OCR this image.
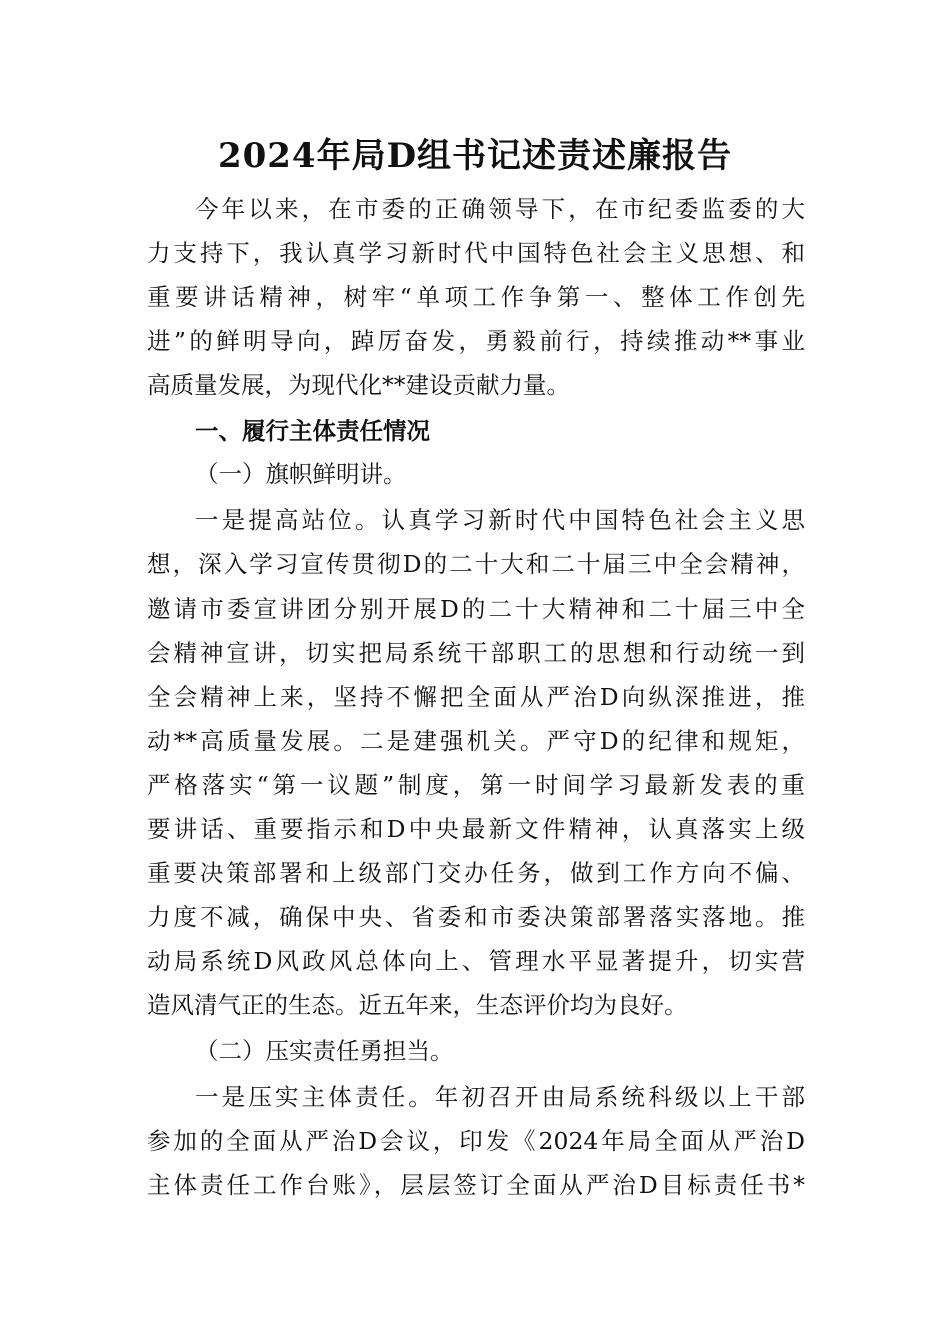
2024年局D组书记述责述廉报告
今年以来，在市委的正确领导下，在市纪委监委的大
力支持下，我认真学习新时代中国特色社会主义思想、和
重要讲话精神，树牢“单项工作争第一、整体工作创先
进”的鲜明导向，踔厉奋发，勇毅前行，持续推动**事业
高质量发展，为现代化**建设贡献力量。
一、履行主体责任情况
（一）旗帜鲜明讲。
一是提高站位。认真学习新时代中国特色社会主义思
想，深入学习宣传贯彻D的二十大和二十届三中全会精神，
邀请市委宣讲团分别开展D的二十大精神和二十届三中全
会精神宣讲，切实把局系统干部职工的思想和行动统一到
全会精神上来，坚持不懈把全面从严治D向纵深推进，推
动**高质量发展。二是建强机关。严守D的纪律和规矩，
严格落实“第一议题”制度，第一时间学习最新发表的重
要讲话、重要指示和D中央最新文件精神，认真落实上级
重要决策部署和上级部门交办任务，做到工作方向不偏、
力度不减，确保中央、省委和市委决策部署落实落地。推
动局系统D风政风总体向上、管理水平显著提升，切实营
造风清气正的生态。近五年来，生态评价均为良好。
（二）压实责任勇担当。
一是压实主体责任。年初召开由局系统科级以上干部
参加的全面从严治D会议，印发《2024年局全面从严治D
主体责任工作台账》，层层签订全面从严治D目标责任书*
